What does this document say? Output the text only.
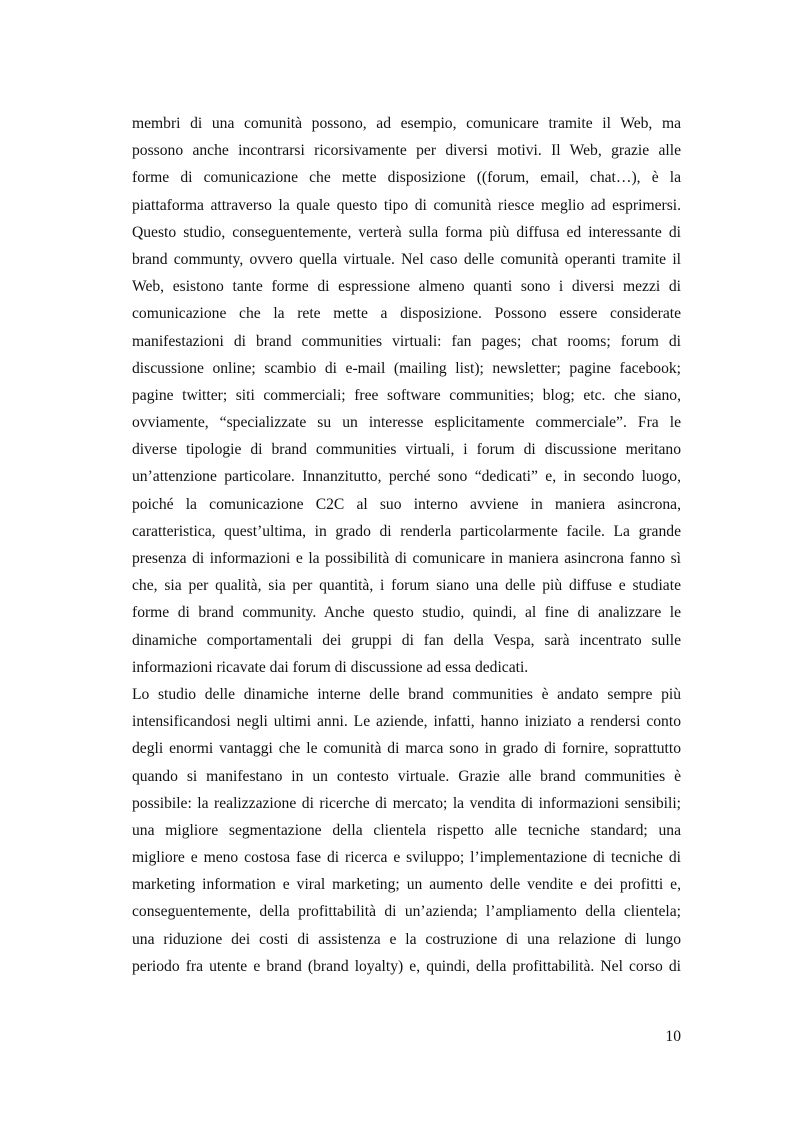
membri di una comunità possono, ad esempio, comunicare tramite il Web, ma
possono anche incontrarsi ricorsivamente per diversi motivi. Il Web, grazie alle
forme di comunicazione che mette disposizione ((forum, email, chat…), è la
piattaforma attraverso la quale questo tipo di comunità riesce meglio ad esprimersi.
Questo studio, conseguentemente, verterà sulla forma più diffusa ed interessante di
brand communty, ovvero quella virtuale. Nel caso delle comunità operanti tramite il
Web, esistono tante forme di espressione almeno quanti sono i diversi mezzi di
comunicazione che la rete mette a disposizione. Possono essere considerate
manifestazioni di brand communities virtuali: fan pages; chat rooms; forum di
discussione online; scambio di e-mail (mailing list); newsletter; pagine facebook;
pagine twitter; siti commerciali; free software communities; blog; etc. che siano,
ovviamente, “specializzate su un interesse esplicitamente commerciale”. Fra le
diverse tipologie di brand communities virtuali, i forum di discussione meritano
un’attenzione particolare. Innanzitutto, perché sono “dedicati” e, in secondo luogo,
poiché la comunicazione C2C al suo interno avviene in maniera asincrona,
caratteristica, quest’ultima, in grado di renderla particolarmente facile. La grande
presenza di informazioni e la possibilità di comunicare in maniera asincrona fanno sì
che, sia per qualità, sia per quantità, i forum siano una delle più diffuse e studiate
forme di brand community. Anche questo studio, quindi, al fine di analizzare le
dinamiche comportamentali dei gruppi di fan della Vespa, sarà incentrato sulle
informazioni ricavate dai forum di discussione ad essa dedicati.
Lo studio delle dinamiche interne delle brand communities è andato sempre più
intensificandosi negli ultimi anni. Le aziende, infatti, hanno iniziato a rendersi conto
degli enormi vantaggi che le comunità di marca sono in grado di fornire, soprattutto
quando si manifestano in un contesto virtuale. Grazie alle brand communities è
possibile: la realizzazione di ricerche di mercato; la vendita di informazioni sensibili;
una migliore segmentazione della clientela rispetto alle tecniche standard; una
migliore e meno costosa fase di ricerca e sviluppo; l’implementazione di tecniche di
marketing information e viral marketing; un aumento delle vendite e dei profitti e,
conseguentemente, della profittabilità di un’azienda; l’ampliamento della clientela;
una riduzione dei costi di assistenza e la costruzione di una relazione di lungo
periodo fra utente e brand (brand loyalty) e, quindi, della profittabilità. Nel corso di
10
